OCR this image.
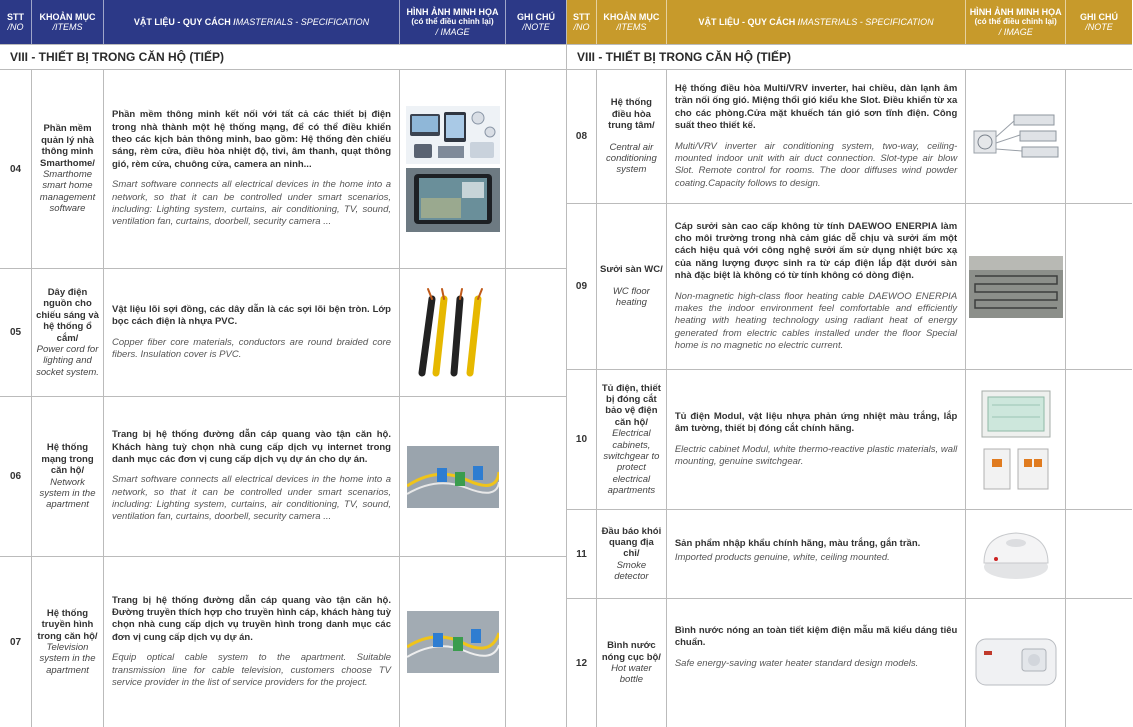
STT
/NO
KHOẢN MỤC
/ITEMS
VẬT LIỆU - QUY CÁCH / MASTERIALS - SPECIFICATION
HÌNH ẢNH MINH HỌA
(có thể điều chỉnh lại)
/ IMAGE
GHI CHÚ
/NOTE
VIII - THIẾT BỊ TRONG CĂN HỘ (TIẾP)
04
Phần mềm quản lý nhà thông minh Smarthome/
Smarthome smart home management software
Phần mềm thông minh kết nối với tất cả các thiết bị điện trong nhà thành một hệ thống mạng, để có thể điều khiển theo các kịch bản thông minh, bao gồm: Hệ thống đèn chiếu sáng, rèm cửa, điều hòa nhiệt độ, tivi, âm thanh, quạt thông gió, rèm cửa, chuông cửa, camera an ninh...
Smart software connects all electrical devices in the home into a network, so that it can be controlled under smart scenarios, including: Lighting system, curtains, air conditioning, TV, sound, ventilation fan, curtains, doorbell, security camera ...
05
Dây điện nguồn cho chiếu sáng và hệ thống ổ cắm/
Power cord for lighting and socket system.
Vật liệu lõi sợi đồng, các dây dẫn là các sợi lõi bện tròn. Lớp bọc cách điện là nhựa PVC.
Copper fiber core materials, conductors are round braided core fibers. Insulation cover is PVC.
06
Hệ thống mạng trong căn hộ/
Network system in the apartment
Trang bị hệ thống đường dẫn cáp quang vào tận căn hộ. Khách hàng tuỳ chọn nhà cung cấp dịch vụ internet trong danh mục các đơn vị cung cấp dịch vụ dự án cho dự án.
Smart software connects all electrical devices in the home into a network, so that it can be controlled under smart scenarios, including: Lighting system, curtains, air conditioning, TV, sound, ventilation fan, curtains, doorbell, security camera ...
07
Hệ thống truyền hình trong căn hộ/
Television system in the apartment
Trang bị hệ thống đường dẫn cáp quang vào tận căn hộ. Đường truyền thích hợp cho truyền hình cáp, khách hàng tuỳ chọn nhà cung cấp dịch vụ truyền hình trong danh mục các đơn vị cung cấp dịch vụ dự án.
Equip optical cable system to the apartment. Suitable transmission line for cable television, customers choose TV service provider in the list of service providers for the project.
STT
/NO
KHOẢN MỤC
/ITEMS
VẬT LIỆU - QUY CÁCH / MASTERIALS - SPECIFICATION
HÌNH ẢNH MINH HỌA
(có thể điều chỉnh lại)
/ IMAGE
GHI CHÚ
/NOTE
VIII - THIẾT BỊ TRONG CĂN HỘ (TIẾP)
08
Hệ thống điều hòa trung tâm/
Central air conditioning system
Hệ thống điều hòa Multi/VRV inverter, hai chiều, dàn lạnh âm trần nối ống gió. Miệng thổi gió kiểu khe Slot. Điều khiển từ xa cho các phòng.Cửa mặt khuếch tán gió sơn tĩnh điện. Công suất theo thiết kế.
Multi/VRV inverter air conditioning system, two-way, ceiling-mounted indoor unit with air duct connection. Slot-type air blow Slot. Remote control for rooms. The door diffuses wind powder coating.Capacity follows to design.
09
Sưởi sàn WC/
WC floor heating
Cáp sưởi sàn cao cấp không từ tính DAEWOO ENERPIA làm cho môi trường trong nhà cảm giác dễ chịu và sưởi ấm một cách hiệu quả với công nghệ sưởi ấm sử dụng nhiệt bức xạ của năng lượng được sinh ra từ cáp điện lắp đặt dưới sàn nhà đặc biệt là không có từ tính không có dòng điện.
Non-magnetic high-class floor heating cable DAEWOO ENERPIA makes the indoor environment feel comfortable and efficiently heating with heating technology using radiant heat of energy generated from electric cables installed under the floor Special home is no magnetic no electric current.
10
Tủ điện, thiết bị đóng cắt bảo vệ điện căn hộ/
Electrical cabinets, switchgear to protect electrical apartments
Tủ điện Modul, vật liệu nhựa phản ứng nhiệt màu trắng, lắp âm tường, thiết bị đóng cắt chính hãng.
Electric cabinet Modul, white thermo-reactive plastic materials, wall mounting, genuine switchgear.
11
Đầu báo khói quang địa chỉ/
Smoke detector
Sản phẩm nhập khẩu chính hãng, màu trắng, gắn trần.
Imported products genuine, white, ceiling mounted.
12
Bình nước nóng cục bộ/
Hot water bottle
Bình nước nóng an toàn tiết kiệm điện mẫu mã kiểu dáng tiêu chuẩn.
Safe energy-saving water heater standard design models.
